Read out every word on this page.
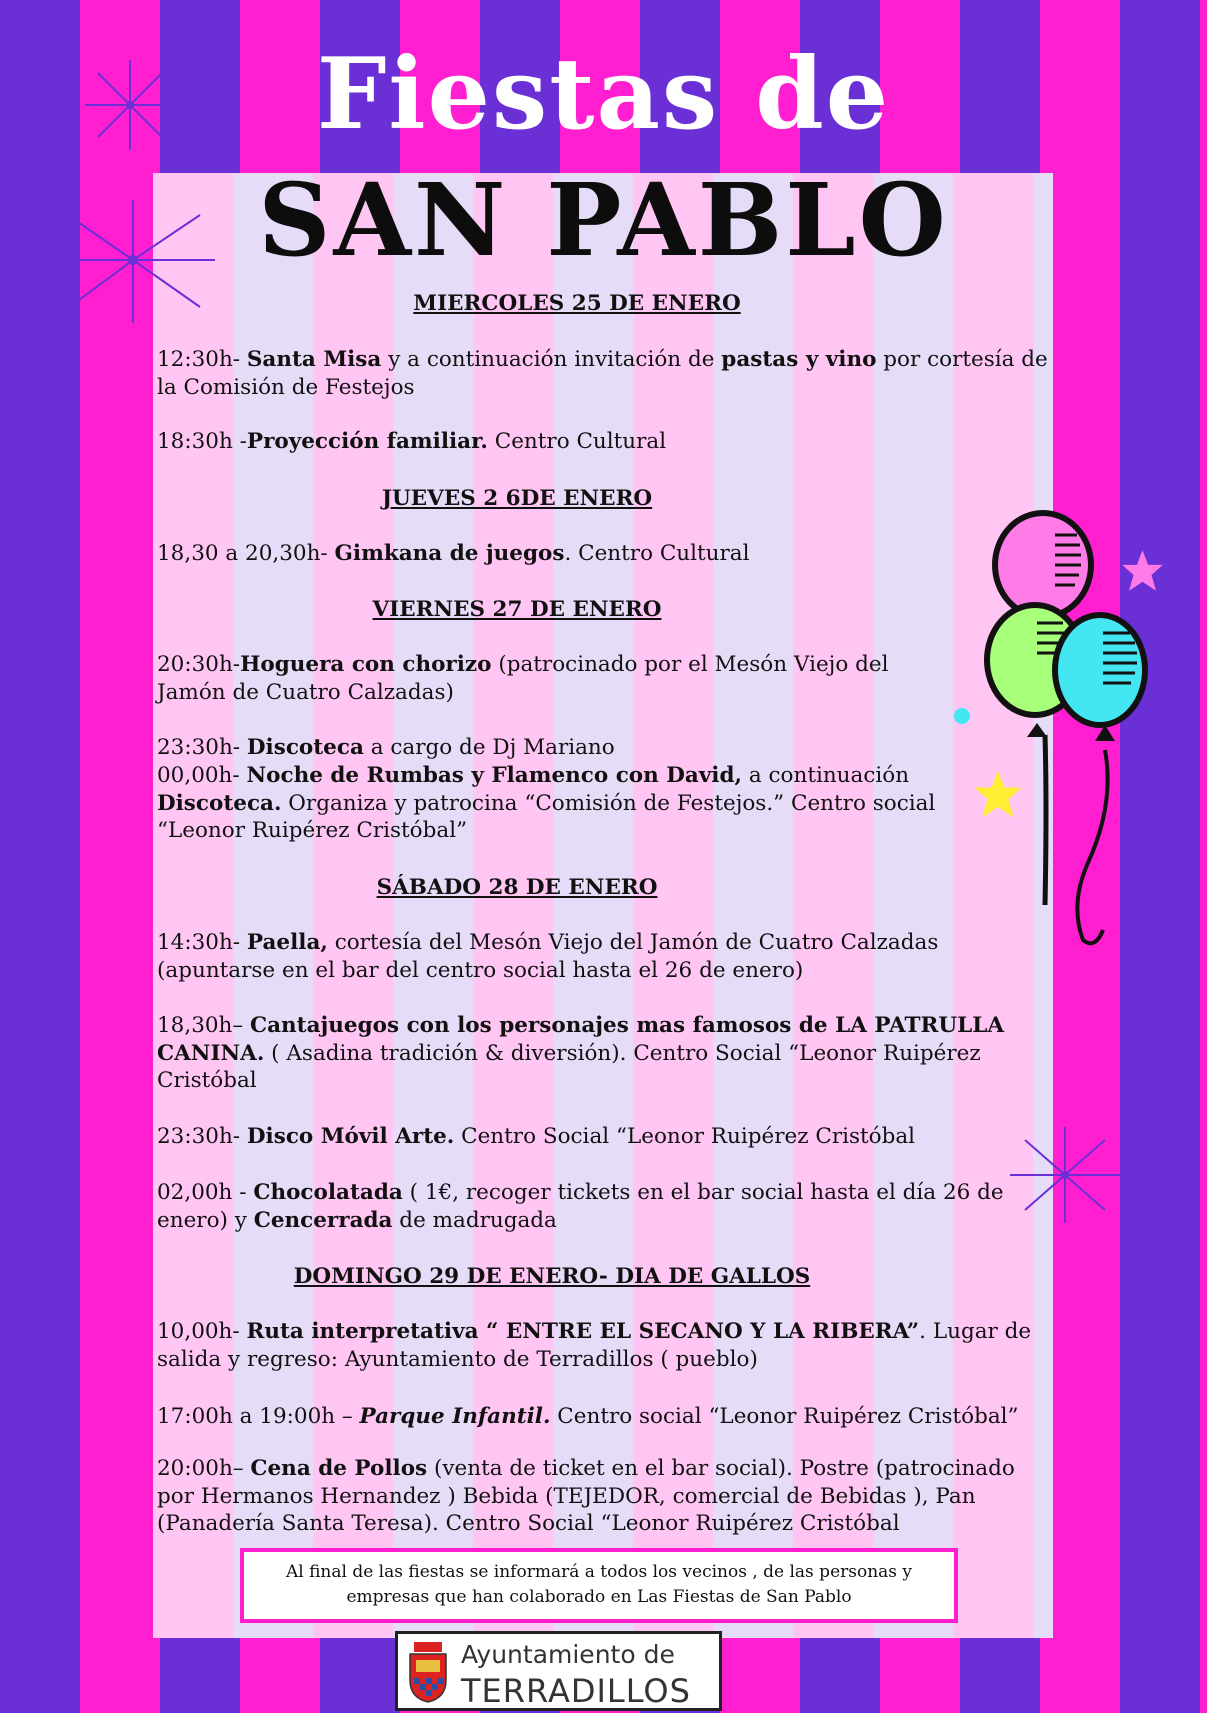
Fiestas de
SAN PABLO
MIERCOLES 25 DE ENERO
12:30h- Santa Misa y a continuación invitación de pastas y vino por cortesía de la Comisión de Festejos
18:30h -Proyección familiar. Centro Cultural
JUEVES 2 6DE ENERO
18,30 a 20,30h- Gimkana de juegos. Centro Cultural
VIERNES 27 DE ENERO
20:30h-Hoguera con chorizo (patrocinado por el Mesón Viejo del Jamón de Cuatro Calzadas)
23:30h- Discoteca a cargo de Dj Mariano
00,00h- Noche de Rumbas y Flamenco con David, a continuación Discoteca. Organiza y patrocina “Comisión de Festejos.” Centro social “Leonor Ruipérez Cristóbal”
SÁBADO 28 DE ENERO
14:30h- Paella, cortesía del Mesón Viejo del Jamón de Cuatro Calzadas (apuntarse en el bar del centro social hasta el 26 de enero)
18,30h– Cantajuegos con los personajes mas famosos de LA PATRULLA CANINA. ( Asadina tradición & diversión). Centro Social “Leonor Ruipérez Cristóbal
23:30h- Disco Móvil Arte. Centro Social “Leonor Ruipérez Cristóbal
02,00h - Chocolatada ( 1€, recoger tickets en el bar social hasta el día 26 de enero) y Cencerrada de madrugada
DOMINGO 29 DE ENERO- DIA DE GALLOS
10,00h- Ruta interpretativa “ ENTRE EL SECANO Y LA RIBERA”. Lugar de salida y regreso: Ayuntamiento de Terradillos ( pueblo)
17:00h a 19:00h – Parque Infantil. Centro social “Leonor Ruipérez Cristóbal”
20:00h– Cena de Pollos (venta de ticket en el bar social). Postre (patrocinado por Hermanos Hernandez ) Bebida (TEJEDOR, comercial de Bebidas ), Pan (Panadería Santa Teresa). Centro Social “Leonor Ruipérez Cristóbal
Al final de las fiestas se informará a todos los vecinos , de las personas y empresas que han colaborado en Las Fiestas de San Pablo
Ayuntamiento de
TERRADILLOS
